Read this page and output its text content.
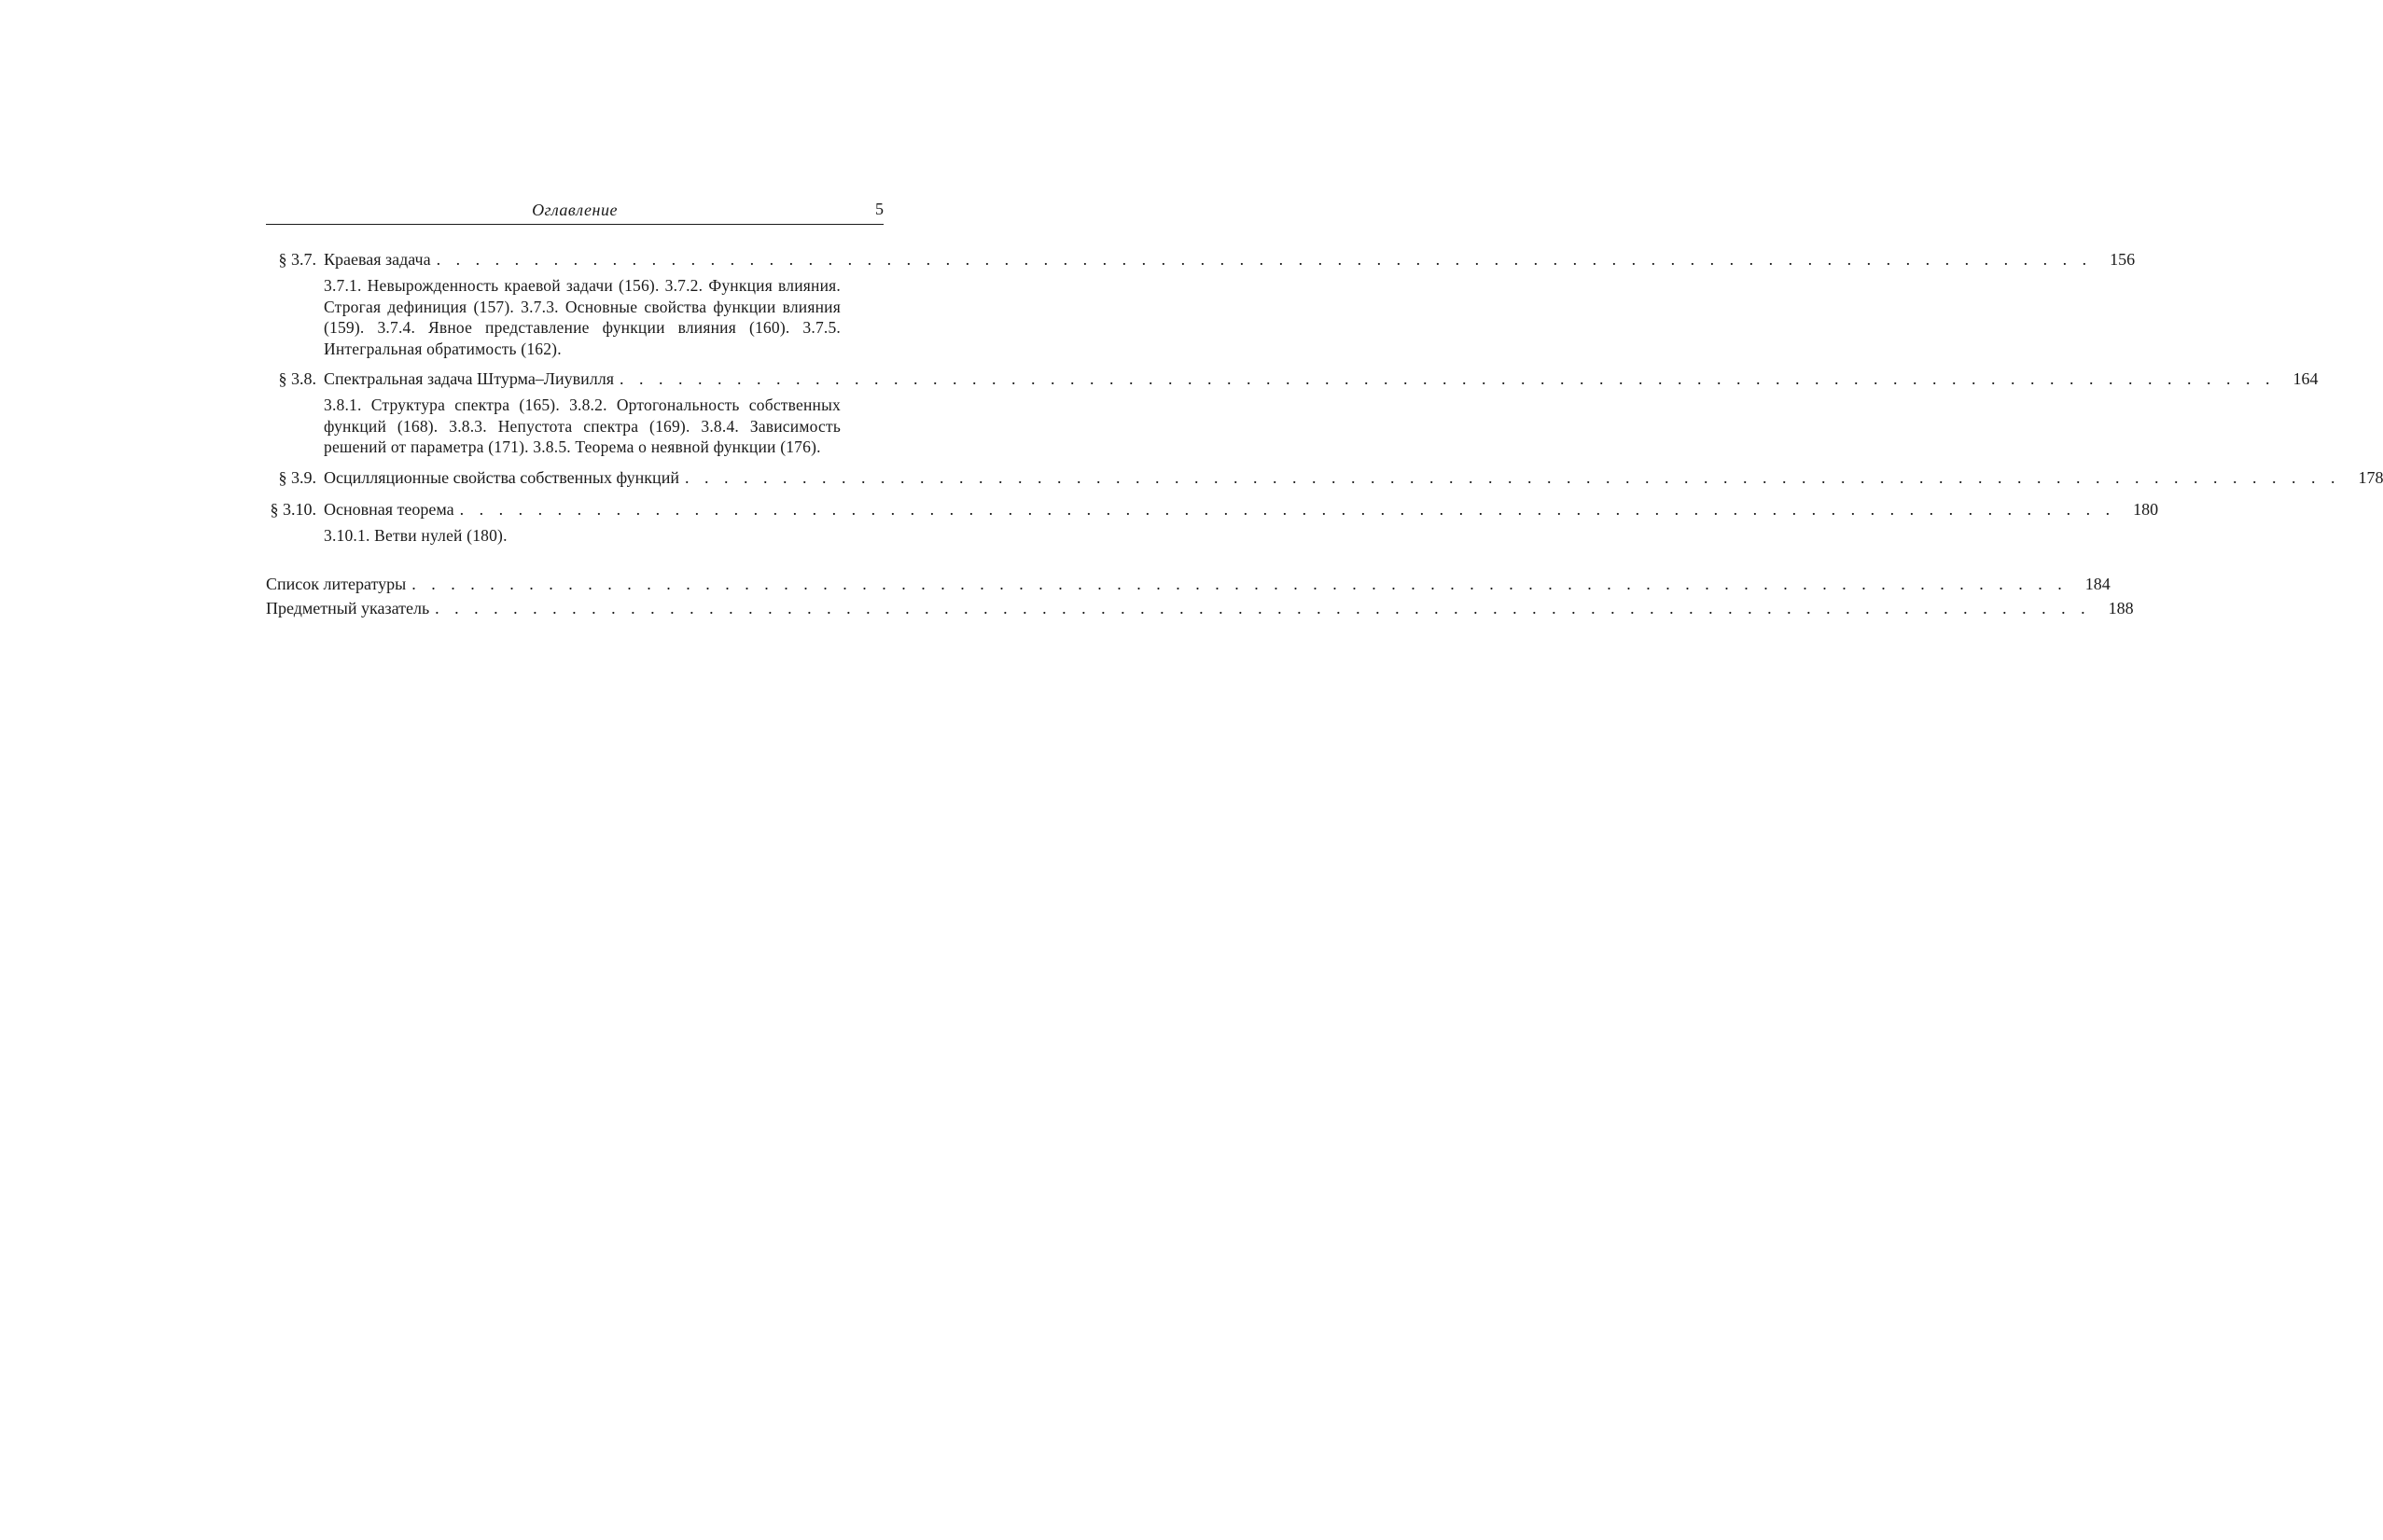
Оглавление	5
§ 3.7. Краевая задача . . . . . . . . . . . . . . . . . . . . . . . . . . . . . . . . . . . . . . . . . . . . . . . . . . . . . . . . . . . . . . . . . . . . . . . . . . . . . . . . . . . . .	156
3.7.1. Невырожденность краевой задачи (156). 3.7.2. Функция влияния. Строгая дефиниция (157). 3.7.3. Основные свойства функции влияния (159). 3.7.4. Явное представление функции влияния (160). 3.7.5. Интегральная обратимость (162).
§ 3.8. Спектральная задача Штурма–Лиувилля . . . . . . . . . . . . . . . . . . . . . . . . . . . . . . . . . . . . . . . . . . . . . . . . . . . . . . . . . . . . . . . . . . . . . . . . . . . . . . . . . . . . .	164
3.8.1. Структура спектра (165). 3.8.2. Ортогональность собственных функций (168). 3.8.3. Непустота спектра (169). 3.8.4. Зависимость решений от параметра (171). 3.8.5. Теорема о неявной функции (176).
§ 3.9. Осцилляционные свойства собственных функций . . . . . . . . . . . . . . . . . . . . . . . . . . . . . . . . . . . . . . . . . . . . . . . . . . . . . . . . . . . . . . . . . . . . . . . . . . . . . . . . . . . . .	178
§ 3.10. Основная теорема . . . . . . . . . . . . . . . . . . . . . . . . . . . . . . . . . . . . . . . . . . . . . . . . . . . . . . . . . . . . . . . . . . . . . . . . . . . . . . . . . . . . .	180
3.10.1. Ветви нулей (180).
Список литературы . . . . . . . . . . . . . . . . . . . . . . . . . . . . . . . . . . . . . . . . . . . . . . . . . . . . . . . . . . . . . . . . . . . . . . . . . . . . . . . . . . . . .	184
Предметный указатель . . . . . . . . . . . . . . . . . . . . . . . . . . . . . . . . . . . . . . . . . . . . . . . . . . . . . . . . . . . . . . . . . . . . . . . . . . . . . . . . . . . . .	188
